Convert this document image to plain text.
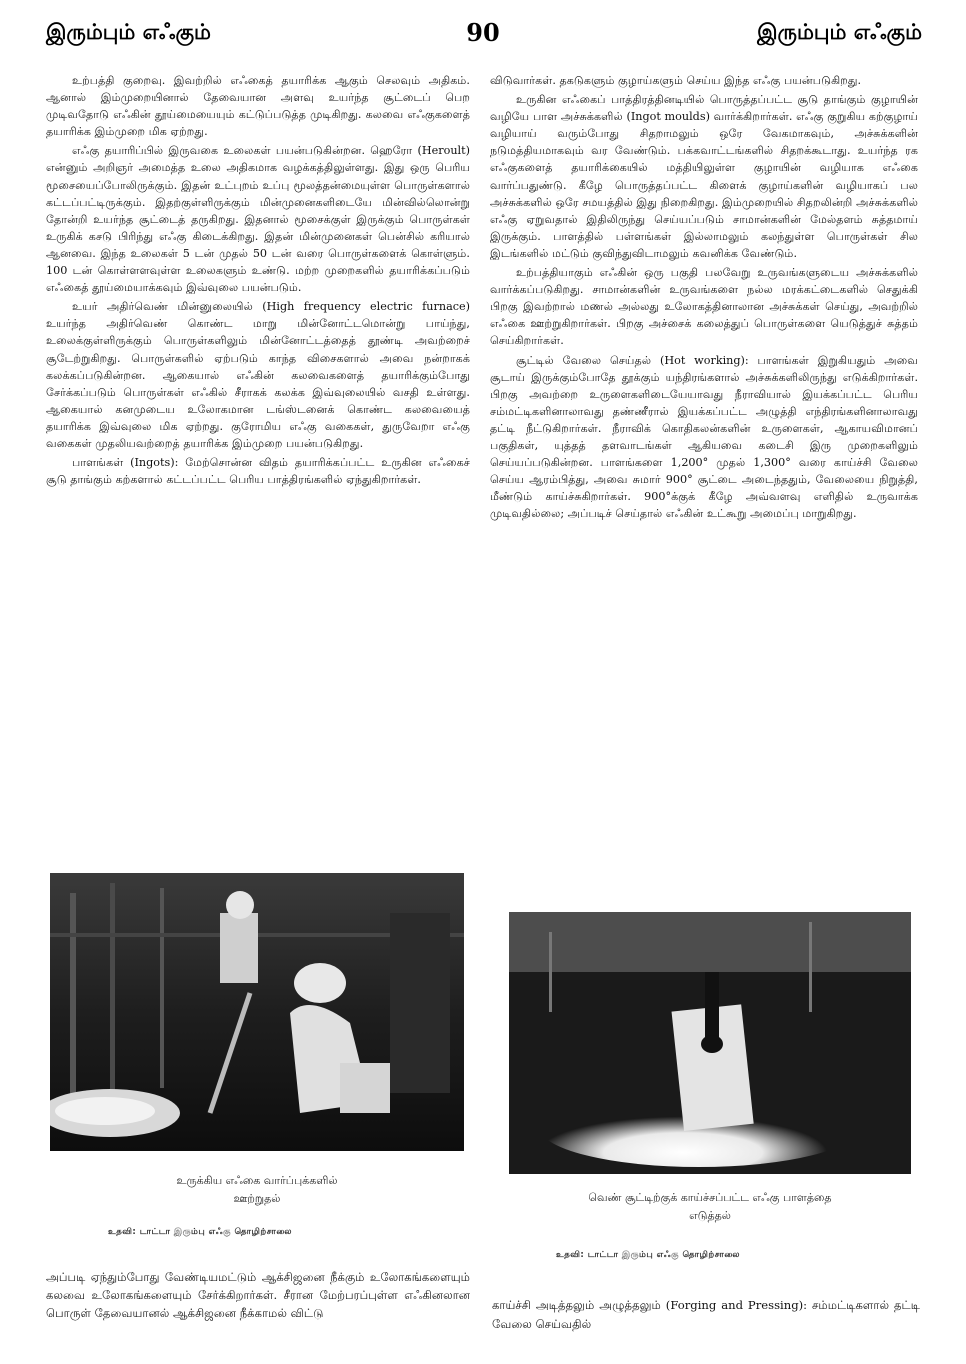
இரும்பும் எஃகும்	90	இரும்பும் எஃகும்

உற்பத்தி குறைவு. இவற்றில் எஃகைத் தயாரிக்க ஆகும் செலவும் அதிகம். ஆனால் இம்முறையினால் தேவையான அளவு உயர்ந்த சூட்டைப் பெற முடிவதோடு எஃகின் தூய்மையையும் கட்டுப்படுத்த முடிகிறது. கலவை எஃகுகளைத் தயாரிக்க இம்முறை மிக ஏற்றது.

எஃகு தயாரிப்பில் இருவகை உலைகள் பயன்படுகின்றன. ஹெரோ (Heroult) என்னும் அறிஞர் அமைத்த உலை அதிகமாக வழக்கத்திலுள்ளது. இது ஒரு பெரிய மூசையைப்போலிருக்கும். இதன் உட்புறம் உப்பு மூலத்தன்மையுள்ள பொருள்களால் கட்டப்பட்டிருக்கும். இதற்குள்ளிருக்கும் மின்முனைகளிடையே மின்வில்லொன்று தோன்றி உயர்ந்த சூட்டைத் தருகிறது. இதனால் மூசைக்குள் இருக்கும் பொருள்கள் உருகிக் கசடு பிரிந்து எஃகு கிடைக்கிறது. இதன் மின்முனைகள் பென்சில் கரியால் ஆனவை. இந்த உலைகள் 5 டன் முதல் 50 டன் வரை பொருள்களைக் கொள்ளும். 100 டன் கொள்ளளவுள்ள உலைகளும் உண்டு. மற்ற முறைகளில் தயாரிக்கப்படும் எஃகைத் தூய்மையாக்கவும் இவ்வுலை பயன்படும்.

உயர் அதிர்வெண் மின்னுலையில் (High frequency electric furnace) உயர்ந்த அதிர்வெண் கொண்ட மாறு மின்னோட்டமொன்று பாய்ந்து, உலைக்குள்ளிருக்கும் பொருள்களிலும் மின்னோட்டத்தைத் தூண்டி அவற்றைச் சூடேற்றுகிறது. பொருள்களில் ஏற்படும் காந்த விசைகளால் அவை நன்றாகக் கலக்கப்படுகின்றன. ஆகையால் எஃகின் கலவைகளைத் தயாரிக்கும்போது சேர்க்கப்படும் பொருள்கள் எஃகில் சீராகக் கலக்க இவ்வுலையில் வசதி உள்ளது. ஆகையால் கனமுடைய உலோகமான டங்ஸ்டனைக் கொண்ட கலவையைத் தயாரிக்க இவ்வுலை மிக ஏற்றது. குரோமிய எஃகு வகைகள், துருவேறா எஃகு வகைகள் முதலியவற்றைத் தயாரிக்க இம்முறை பயன்படுகிறது.

பாளங்கள் (Ingots): மேற்சொன்ன விதம் தயாரிக்கப்பட்ட உருகின எஃகைச் சூடு தாங்கும் கற்களால் கட்டப்பட்ட பெரிய பாத்திரங்களில் ஏந்துகிறார்கள்.

விடுவார்கள். தகடுகளும் குழாய்களும் செய்ய இந்த எஃகு பயன்படுகிறது.

உருகின எஃகைப் பாத்திரத்தினடியில் பொருத்தப்பட்ட சூடு தாங்கும் குழாயின் வழியே பாள அச்சுக்களில் (Ingot moulds) வார்க்கிறார்கள். எஃகு குறுகிய கற்குழாய் வழியாய் வரும்போது சிதறாமலும் ஒரே வேகமாகவும், அச்சுக்களின் நடுமத்தியமாகவும் வர வேண்டும். பக்கவாட்டங்களில் சிதறக்கூடாது. உயர்ந்த ரக எஃகுகளைத் தயாரிக்கையில் மத்தியிலுள்ள குழாயின் வழியாக எஃகை வார்ப்பதுண்டு. கீழே பொருத்தப்பட்ட கிளைக் குழாய்களின் வழியாகப் பல அச்சுக்களில் ஒரே சமயத்தில் இது நிறைகிறது. இம்முறையில் சிதறலின்றி அச்சுக்களில் எஃகு ஏறுவதால் இதிலிருந்து செய்யப்படும் சாமான்களின் மேல்தளம் சுத்தமாய் இருக்கும். பாளத்தில் பள்ளங்கள் இல்லாமலும் கலந்துள்ள பொருள்கள் சில இடங்களில் மட்டும் குவிந்துவிடாமலும் கவனிக்க வேண்டும்.

உற்பத்தியாகும் எஃகின் ஒரு பகுதி பலவேறு உருவங்களுடைய அச்சுக்களில் வார்க்கப்படுகிறது. சாமான்களின் உருவங்களை நல்ல மரக்கட்டைகளில் செதுக்கி பிறகு இவற்றால் மணல் அல்லது உலோகத்தினாலான அச்சுக்கள் செய்து, அவற்றில் எஃகை ஊற்றுகிறார்கள். பிறகு அச்சைக் கலைத்துப் பொருள்களை யெடுத்துச் சுத்தம் செய்கிறார்கள்.

சூட்டில் வேலை செய்தல் (Hot working): பாளங்கள் இறுகியதும் அவை சூடாய் இருக்கும்போதே தூக்கும் யந்திரங்களால் அச்சுக்களிலிருந்து எடுக்கிறார்கள். பிறகு அவற்றை உருளைகளிடையேயாவது நீராவியால் இயக்கப்பட்ட பெரிய சம்மட்டிகளினாலாவது தண்ணீரால் இயக்கப்பட்ட அழுத்தி எந்திரங்களினாலாவது தட்டி நீட்டுகிறார்கள். நீராவிக் கொதிகலன்களின் உருளைகள், ஆகாயவிமானப் பகுதிகள், யுத்தத் தளவாடங்கள் ஆகியவை கடைசி இரு முறைகளிலும் செய்யப்படுகின்றன. பாளங்களை 1,200° முதல் 1,300° வரை காய்ச்சி வேலை செய்ய ஆரம்பித்து, அவை சுமார் 900° சூட்டை அடைந்ததும், வேலையை நிறுத்தி, மீண்டும் காய்ச்சுகிறார்கள். 900°க்குக் கீழே அவ்வளவு எளிதில் உருவாக்க முடிவதில்லை; அப்படிச் செய்தால் எஃகின் உட்கூறு அமைப்பு மாறுகிறது.

உருக்கிய எஃகை வார்ப்புக்களில்
ஊற்றுதல்
உதவி: டாட்டா இரும்பு எஃகு தொழிற்சாலை
வெண் சூட்டிற்குக் காய்ச்சப்பட்ட எஃகு பாளத்தை
எடுத்தல்
உதவி: டாட்டா இரும்பு எஃகு தொழிற்சாலை
அப்படி ஏந்தும்போது வேண்டியமட்டும் ஆக்சிஜனை நீக்கும் உலோகங்களையும் கலவை உலோகங்களையும் சேர்க்கிறார்கள். சீரான மேற்பரப்புள்ள எஃகினலான பொருள் தேவையானல் ஆக்சிஜனை நீக்காமல் விட்டு
காய்ச்சி அடித்தலும் அழுத்தலும் (Forging and Pressing): சம்மட்டிகளால் தட்டி வேலை செய்வதில்
